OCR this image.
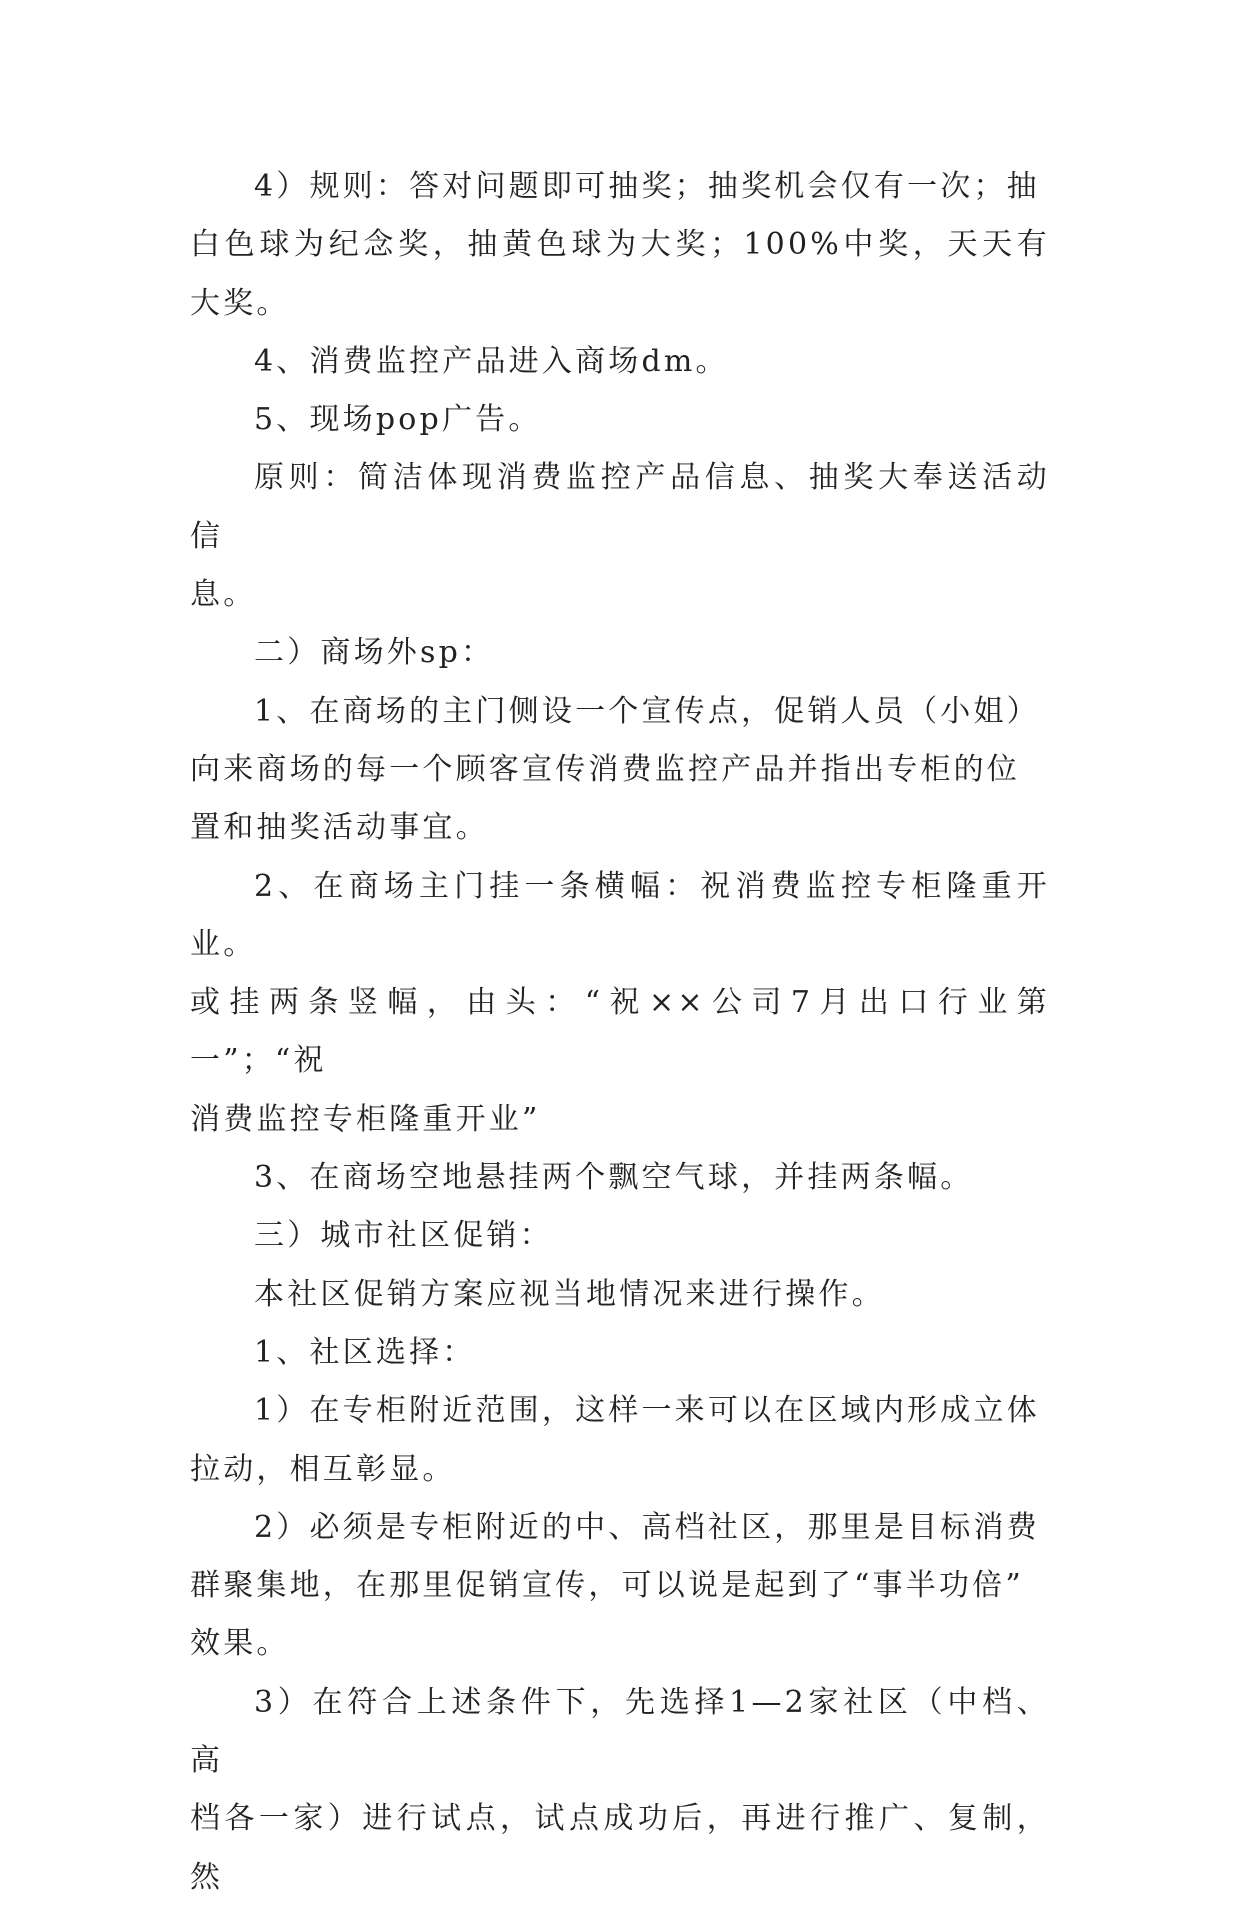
4）规则：答对问题即可抽奖；抽奖机会仅有一次；抽
白色球为纪念奖，抽黄色球为大奖；100%中奖，天天有大奖。

4、消费监控产品进入商场dm。

5、现场pop广告。

原则：简洁体现消费监控产品信息、抽奖大奉送活动信
息。

二）商场外sp：

1、在商场的主门侧设一个宣传点，促销人员（小姐）
向来商场的每一个顾客宣传消费监控产品并指出专柜的位
置和抽奖活动事宜。

2、在商场主门挂一条横幅：祝消费监控专柜隆重开业。
或挂两条竖幅，由头：“祝××公司7月出口行业第一”；“祝
消费监控专柜隆重开业”

3、在商场空地悬挂两个飘空气球，并挂两条幅。

三）城市社区促销：

本社区促销方案应视当地情况来进行操作。

1、社区选择：

1）在专柜附近范围，这样一来可以在区域内形成立体
拉动，相互彰显。

2）必须是专柜附近的中、高档社区，那里是目标消费
群聚集地，在那里促销宣传，可以说是起到了“事半功倍”
效果。

3）在符合上述条件下，先选择1—2家社区（中档、高
档各一家）进行试点，试点成功后，再进行推广、复制，然
